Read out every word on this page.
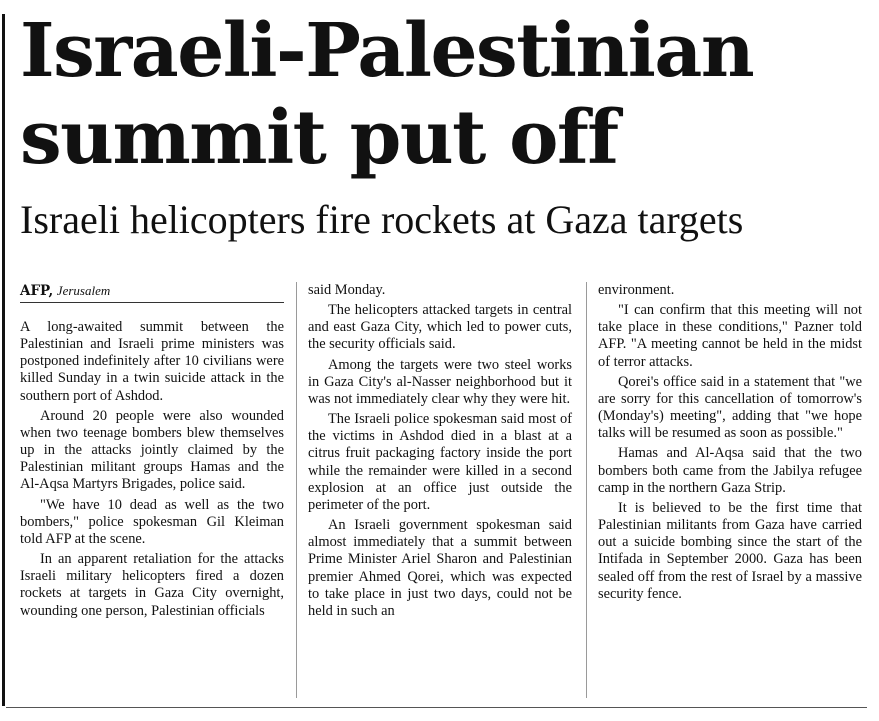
Israeli-Palestinian
summit put off
Israeli helicopters fire rockets at Gaza targets
AFP, Jerusalem

A long-awaited summit between the Palestinian and Israeli prime ministers was postponed indefinitely after 10 civilians were killed Sunday in a twin suicide attack in the southern port of Ashdod.

Around 20 people were also wounded when two teenage bombers blew themselves up in the attacks jointly claimed by the Palestinian militant groups Hamas and the Al-Aqsa Martyrs Brigades, police said.

"We have 10 dead as well as the two bombers," police spokesman Gil Kleiman told AFP at the scene.

In an apparent retaliation for the attacks Israeli military helicopters fired a dozen rockets at targets in Gaza City overnight, wounding one person, Palestinian officials

said Monday.

The helicopters attacked targets in central and east Gaza City, which led to power cuts, the security officials said.

Among the targets were two steel works in Gaza City's al-Nasser neighborhood but it was not immediately clear why they were hit.

The Israeli police spokesman said most of the victims in Ashdod died in a blast at a citrus fruit packaging factory inside the port while the remainder were killed in a second explosion at an office just outside the perimeter of the port.

An Israeli government spokesman said almost immediately that a summit between Prime Minister Ariel Sharon and Palestinian premier Ahmed Qorei, which was expected to take place in just two days, could not be held in such an

environment.

"I can confirm that this meeting will not take place in these conditions," Pazner told AFP. "A meeting cannot be held in the midst of terror attacks.

Qorei's office said in a statement that "we are sorry for this cancellation of tomorrow's (Monday's) meeting", adding that "we hope talks will be resumed as soon as possible."

Hamas and Al-Aqsa said that the two bombers both came from the Jabilya refugee camp in the northern Gaza Strip.

It is believed to be the first time that Palestinian militants from Gaza have carried out a suicide bombing since the start of the Intifada in September 2000. Gaza has been sealed off from the rest of Israel by a massive security fence.
